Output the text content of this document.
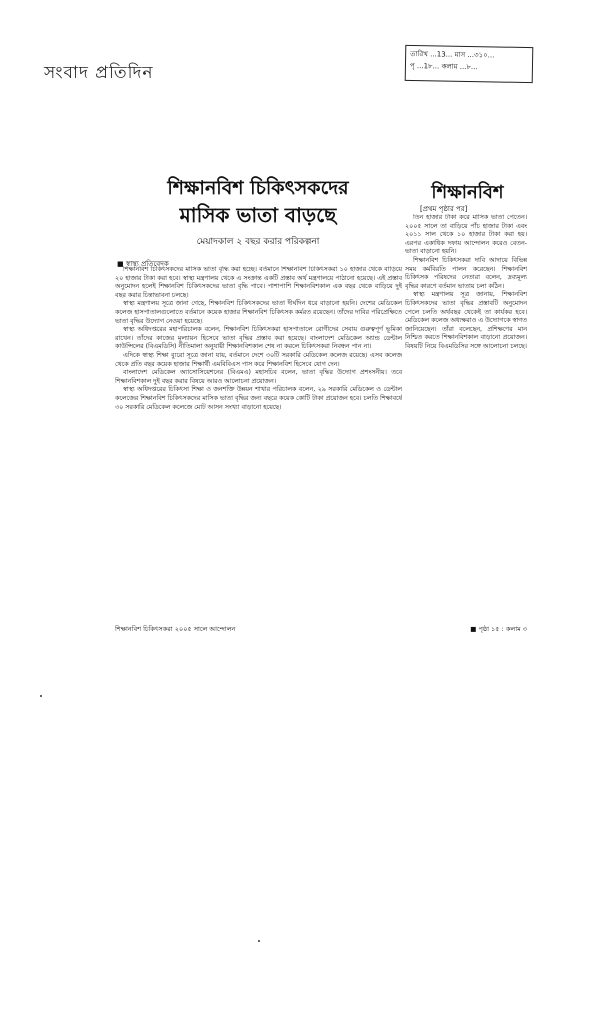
সংবাদ প্রতিদিন
তারিখ ...13... মাস ...৩১০...
পৃ ...1৮... কলাম ...৮...
শিক্ষানবিশ চিকিৎসকদের
মাসিক ভাতা বাড়ছে
মেয়াদকাল ২ বছর করার পরিকল্পনা
■ স্বাস্থ্য প্রতিবেদক

শিক্ষানবিশ চিকিৎসকদের মাসিক ভাতা বৃদ্ধি করা হচ্ছে। বর্তমানে শিক্ষানবিশ চিকিৎসকরা ১০ হাজার থেকে বাড়িয়ে ২০ হাজার টাকা করা হবে। স্বাস্থ্য মন্ত্রণালয় থেকে এ সংক্রান্ত একটি প্রস্তাব অর্থ মন্ত্রণালয়ে পাঠানো হয়েছে। এই প্রস্তাব অনুমোদন হলেই শিক্ষানবিশ চিকিৎসকদের ভাতা বৃদ্ধি পাবে। পাশাপাশি শিক্ষানবিশকাল এক বছর থেকে বাড়িয়ে দুই বছর করার চিন্তাভাবনা চলছে।

স্বাস্থ্য মন্ত্রণালয় সূত্রে জানা গেছে, শিক্ষানবিশ চিকিৎসকদের ভাতা দীর্ঘদিন ধরে বাড়ানো হয়নি। দেশের মেডিকেল কলেজ হাসপাতালগুলোতে বর্তমানে কয়েক হাজার শিক্ষানবিশ চিকিৎসক কর্মরত রয়েছেন। তাঁদের দাবির পরিপ্রেক্ষিতে ভাতা বৃদ্ধির উদ্যোগ নেওয়া হয়েছে।

স্বাস্থ্য অধিদপ্তরের মহাপরিচালক বলেন, শিক্ষানবিশ চিকিৎসকরা হাসপাতালে রোগীদের সেবায় গুরুত্বপূর্ণ ভূমিকা রাখেন। তাঁদের কাজের মূল্যায়ন হিসেবে ভাতা বৃদ্ধির প্রস্তাব করা হয়েছে। বাংলাদেশ মেডিকেল অ্যান্ড ডেন্টাল কাউন্সিলের (বিএমডিসি) নীতিমালা অনুযায়ী শিক্ষানবিশকাল শেষ না করলে চিকিৎসকরা নিবন্ধন পান না।

এদিকে স্বাস্থ্য শিক্ষা ব্যুরো সূত্রে জানা যায়, বর্তমানে দেশে ৩০টি সরকারি মেডিকেল কলেজ রয়েছে। এসব কলেজ থেকে প্রতি বছর কয়েক হাজার শিক্ষার্থী এমবিবিএস পাস করে শিক্ষানবিশ হিসেবে যোগ দেন।

বাংলাদেশ মেডিকেল অ্যাসোসিয়েশনের (বিএমএ) মহাসচিব বলেন, ভাতা বৃদ্ধির উদ্যোগ প্রশংসনীয়। তবে শিক্ষানবিশকাল দুই বছর করার বিষয়ে আরও আলোচনা প্রয়োজন।

স্বাস্থ্য অধিদপ্তরের চিকিৎসা শিক্ষা ও জনশক্তি উন্নয়ন শাখার পরিচালক বলেন, ২৯ সরকারি মেডিকেল ও ডেন্টাল কলেজের শিক্ষানবিশ চিকিৎসকদের মাসিক ভাতা বৃদ্ধির জন্য বছরে কয়েক কোটি টাকা প্রয়োজন হবে। চলতি শিক্ষাবর্ষে ৩০ সরকারি মেডিকেল কলেজে মোট আসন সংখ্যা বাড়ানো হয়েছে।

শিক্ষানবিশ চিকিৎসকরা ২০০৫ সালে আন্দোলন	■ পৃষ্ঠা ১৫ : কলাম ৩
শিক্ষানবিশ
[প্রথম পৃষ্ঠার পর]

তিন হাজার টাকা করে মাসিক ভাতা পেতেন। ২০০৫ সালে তা বাড়িয়ে পাঁচ হাজার টাকা এবং ২০১১ সাল থেকে ১০ হাজার টাকা করা হয়। এরপর একাধিক দফায় আন্দোলন করেও বেতন-ভাতা বাড়ানো হয়নি।

শিক্ষানবিশ চিকিৎসকরা দাবি আদায়ে বিভিন্ন সময় কর্মবিরতি পালন করেছেন। শিক্ষানবিশ চিকিৎসক পরিষদের নেতারা বলেন, দ্রব্যমূল্য বৃদ্ধির কারণে বর্তমান ভাতায় চলা কঠিন।

স্বাস্থ্য মন্ত্রণালয় সূত্র জানায়, শিক্ষানবিশ চিকিৎসকদের ভাতা বৃদ্ধির প্রস্তাবটি অনুমোদন পেলে চলতি অর্থবছর থেকেই তা কার্যকর হবে। মেডিকেল কলেজ অধ্যক্ষরাও এ উদ্যোগকে স্বাগত জানিয়েছেন। তাঁরা বলেছেন, প্রশিক্ষণের মান নিশ্চিত করতে শিক্ষানবিশকাল বাড়ানো প্রয়োজন। বিষয়টি নিয়ে বিএমডিসির সঙ্গে আলোচনা চলছে।
